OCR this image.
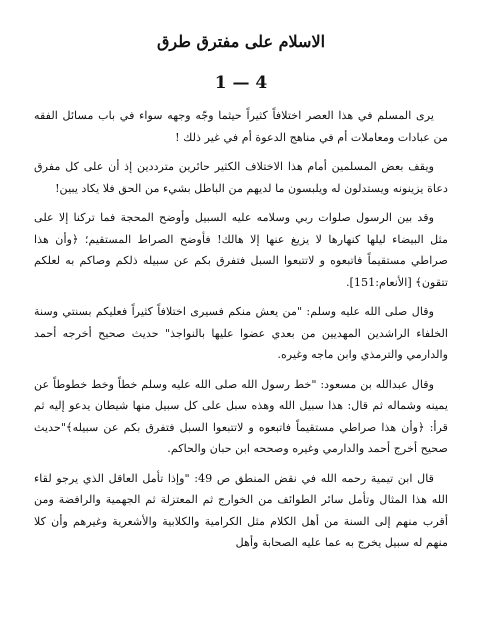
الاسلام على مفترق طرق
4 — 1

يرى المسلم في هذا العصر اختلافاً كثيراً حيثما وجّه وجهه سواء في باب مسائل الفقه من عبادات ومعاملات أم في مناهج الدعوة أم في غير ذلك !

ويقف بعض المسلمين أمام هذا الاختلاف الكثير حائرين مترددين إذ أن على كل مفرق دعاة يزينونه ويستدلون له ويلبسون ما لديهم من الباطل بشيء من الحق فلا يكاد يبين!

وقد بين الرسول صلوات ربي وسلامه عليه السبيل وأوضح المحجة فما تركنا إلا على مثل البيضاء ليلها كنهارها لا يزيغ عنها إلا هالك! فأوضح الصراط المستقيم؛ ﴿وأن هذا صراطي مستقيماً فاتبعوه و لاتتبعوا السبل فتفرق بكم عن سبيله ذلكم وصاكم به لعلكم تتقون﴾ [الأنعام:151].

وقال صلى الله عليه وسلم: "من يعش منكم فسيرى اختلافاً كثيراً فعليكم بسنتي وسنة الخلفاء الراشدين المهديين من بعدي عضوا عليها بالنواجذ" حديث صحيح أخرجه أحمد والدارمي والترمذي وابن ماجه وغيره.

وقال عبدالله بن مسعود: "خط رسول الله صلى الله عليه وسلم خطاً وخط خطوطاً عن يمينه وشماله ثم قال: هذا سبيل الله وهذه سبل على كل سبيل منها شيطان يدعو إليه ثم قرأ: ﴿وأن هذا صراطي مستقيماً فاتبعوه و لاتتبعوا السبل فتفرق بكم عن سبيله﴾"حديث صحيح أخرج أحمد والدارمي وغيره وصححه ابن حبان والحاكم.

قال ابن تيمية رحمه الله في نقض المنطق ص 49: "وإذا تأمل العاقل الذي يرجو لقاء الله هذا المثال وتأمل سائر الطوائف من الخوارج ثم المعتزلة ثم الجهمية والرافضة ومن أقرب منهم إلى السنة من أهل الكلام مثل الكرامية والكلابية والأشعرية وغيرهم وأن كلا منهم له سبيل يخرج به عما عليه الصحابة وأهل
